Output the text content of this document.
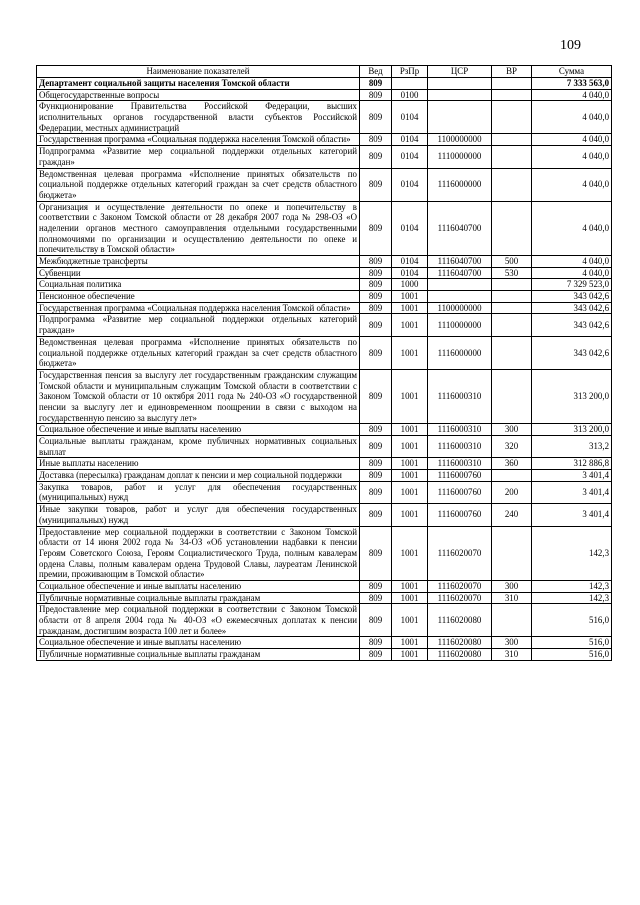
109
Наименование показателей	Вед	РзПр	ЦСР	ВР	Сумма
Департамент социальной защиты населения Томской области	809				7 333 563,0
Общегосударственные вопросы	809	0100			4 040,0
Функционирование Правительства Российской Федерации, высших исполнительных органов государственной власти субъектов Российской Федерации, местных администраций	809	0104			4 040,0
Государственная программа «Социальная поддержка населения Томской области»	809	0104	1100000000		4 040,0
Подпрограмма «Развитие мер социальной поддержки отдельных категорий граждан»	809	0104	1110000000		4 040,0
Ведомственная целевая программа «Исполнение принятых обязательств по социальной поддержке отдельных категорий граждан за счет средств областного бюджета»	809	0104	1116000000		4 040,0
Организация и осуществление деятельности по опеке и попечительству в соответствии с Законом Томской области от 28 декабря 2007 года № 298-ОЗ «О наделении органов местного самоуправления отдельными государственными полномочиями по организации и осуществлению деятельности по опеке и попечительству в Томской области»	809	0104	1116040700		4 040,0
Межбюджетные трансферты	809	0104	1116040700	500	4 040,0
Субвенции	809	0104	1116040700	530	4 040,0
Социальная политика	809	1000			7 329 523,0
Пенсионное обеспечение	809	1001			343 042,6
Государственная программа «Социальная поддержка населения Томской области»	809	1001	1100000000		343 042,6
Подпрограмма «Развитие мер социальной поддержки отдельных категорий граждан»	809	1001	1110000000		343 042,6
Ведомственная целевая программа «Исполнение принятых обязательств по социальной поддержке отдельных категорий граждан за счет средств областного бюджета»	809	1001	1116000000		343 042,6
Государственная пенсия за выслугу лет государственным гражданским служащим Томской области и муниципальным служащим Томской области в соответствии с Законом Томской области от 10 октября 2011 года № 240-ОЗ «О государственной пенсии за выслугу лет и единовременном поощрении в связи с выходом на государственную пенсию за выслугу лет»	809	1001	1116000310		313 200,0
Социальное обеспечение и иные выплаты населению	809	1001	1116000310	300	313 200,0
Социальные выплаты гражданам, кроме публичных нормативных социальных выплат	809	1001	1116000310	320	313,2
Иные выплаты населению	809	1001	1116000310	360	312 886,8
Доставка (пересылка) гражданам доплат к пенсии и мер социальной поддержки	809	1001	1116000760		3 401,4
Закупка товаров, работ и услуг для обеспечения государственных (муниципальных) нужд	809	1001	1116000760	200	3 401,4
Иные закупки товаров, работ и услуг для обеспечения государственных (муниципальных) нужд	809	1001	1116000760	240	3 401,4
Предоставление мер социальной поддержки в соответствии с Законом Томской области от 14 июня 2002 года № 34-ОЗ «Об установлении надбавки к пенсии Героям Советского Союза, Героям Социалистического Труда, полным кавалерам ордена Славы, полным кавалерам ордена Трудовой Славы, лауреатам Ленинской премии, проживающим в Томской области»	809	1001	1116020070		142,3
Социальное обеспечение и иные выплаты населению	809	1001	1116020070	300	142,3
Публичные нормативные социальные выплаты гражданам	809	1001	1116020070	310	142,3
Предоставление мер социальной поддержки в соответствии с Законом Томской области от 8 апреля 2004 года № 40-ОЗ «О ежемесячных доплатах к пенсии гражданам, достигшим возраста 100 лет и более»	809	1001	1116020080		516,0
Социальное обеспечение и иные выплаты населению	809	1001	1116020080	300	516,0
Публичные нормативные социальные выплаты гражданам	809	1001	1116020080	310	516,0
